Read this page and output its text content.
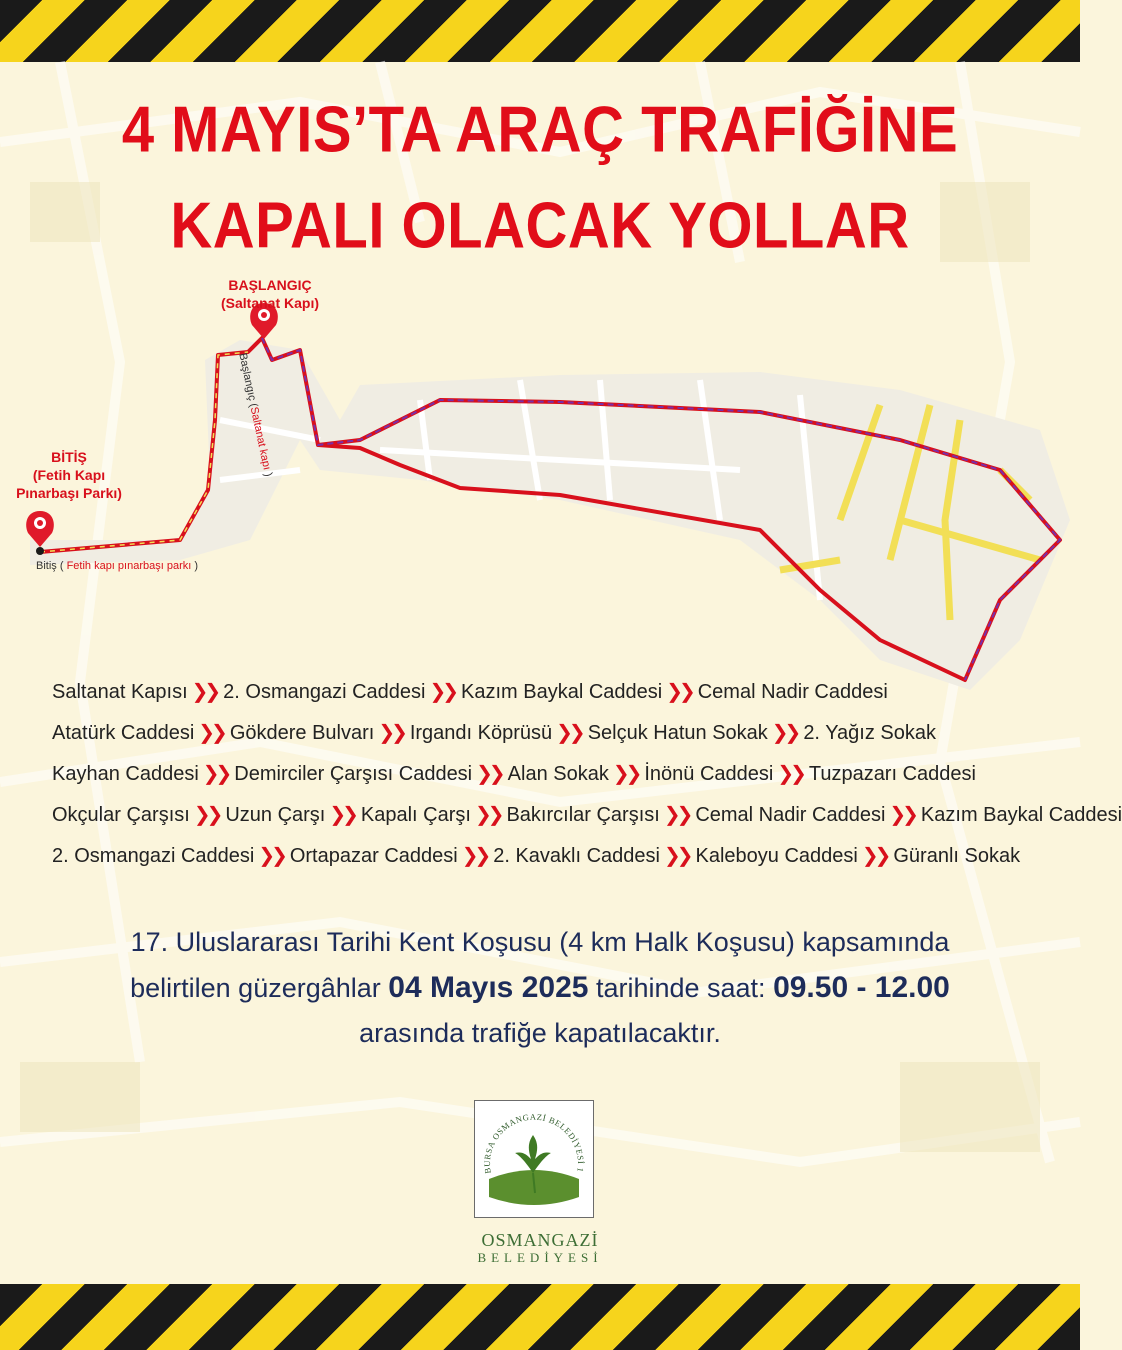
4 MAYIS’TA ARAÇ TRAFİĞİNE
KAPALI OLACAK YOLLAR
BAŞLANGIÇ
(Saltanat Kapı)
BİTİŞ
(Fetih Kapı
Pınarbaşı Parkı)
Bitiş ( Fetih kapı pınarbaşı parkı )
Başlangıç (Saltanat kapı )
Saltanat Kapısı ❯❯ 2. Osmangazi Caddesi ❯❯ Kazım Baykal Caddesi ❯❯ Cemal Nadir Caddesi
Atatürk Caddesi ❯❯ Gökdere Bulvarı ❯❯ Irgandı Köprüsü ❯❯ Selçuk Hatun Sokak ❯❯ 2. Yağız Sokak
Kayhan Caddesi ❯❯ Demirciler Çarşısı Caddesi ❯❯ Alan Sokak ❯❯ İnönü Caddesi ❯❯ Tuzpazarı Caddesi
Okçular Çarşısı ❯❯ Uzun Çarşı ❯❯ Kapalı Çarşı ❯❯ Bakırcılar Çarşısı ❯❯ Cemal Nadir Caddesi ❯❯ Kazım Baykal Caddesi
2. Osmangazi Caddesi ❯❯ Ortapazar Caddesi ❯❯ 2. Kavaklı Caddesi ❯❯ Kaleboyu Caddesi ❯❯ Güranlı Sokak
17. Uluslararası Tarihi Kent Koşusu (4 km Halk Koşusu) kapsamında
belirtilen güzergâhlar 04 Mayıs 2025 tarihinde saat: 09.50 - 12.00
arasında trafiğe kapatılacaktır.
BURSA OSMANGAZİ BELEDİYESİ 1
OSMANGAZİ
BELEDİYESİ
